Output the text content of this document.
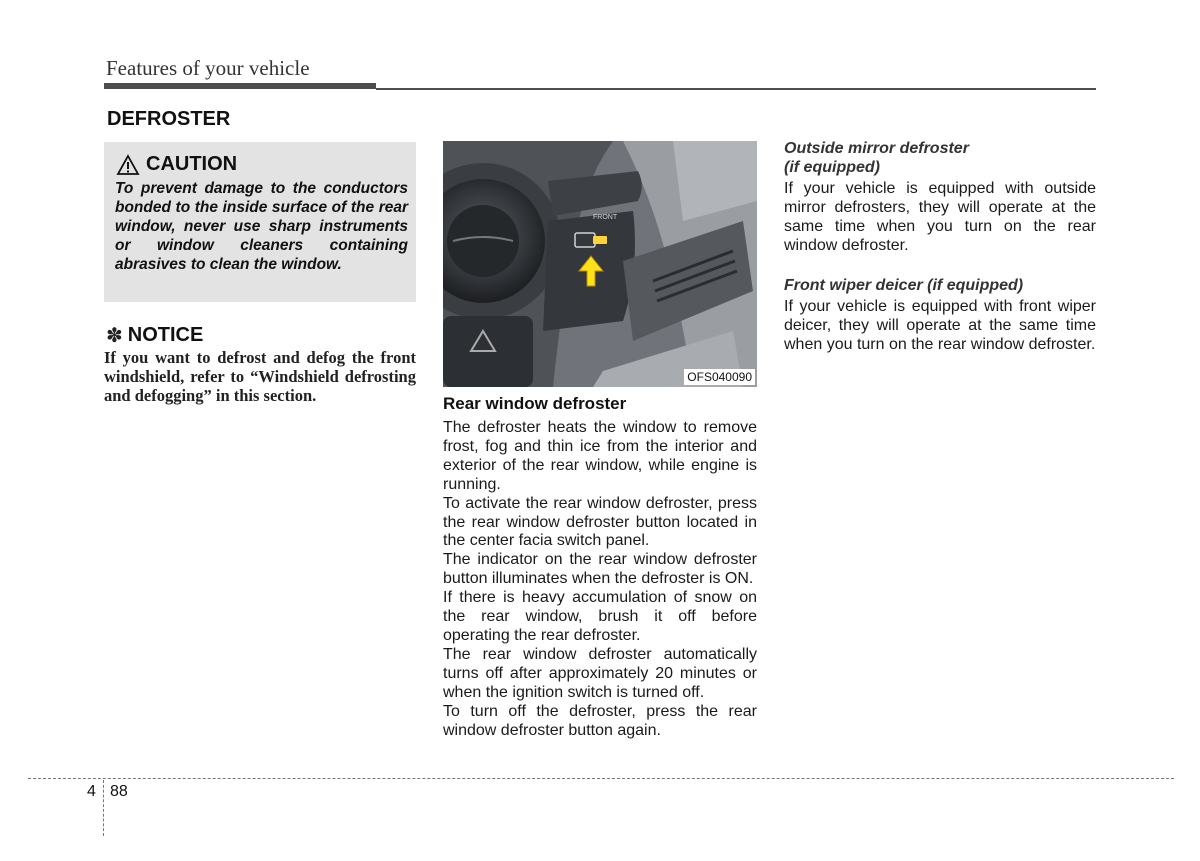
Features of your vehicle
DEFROSTER
CAUTION
To prevent damage to the conductors bonded to the inside surface of the rear window, never use sharp instruments or window cleaners containing abrasives to clean the window.
✽ NOTICE
If you want to defrost and defog the front windshield, refer to “Windshield defrosting and defogging” in this section.
FRONT
OFS040090
Rear window defroster

The defroster heats the window to remove frost, fog and thin ice from the interior and exterior of the rear window, while engine is running.

To activate the rear window defroster, press the rear window defroster button located in the center facia switch panel.

The indicator on the rear window defroster button illuminates when the defroster is ON.

If there is heavy accumulation of snow on the rear window, brush it off before operating the rear defroster.

The rear window defroster automatically turns off after approximately 20 minutes or when the ignition switch is turned off.

To turn off the defroster, press the rear window defroster button again.

Outside mirror defroster
(if equipped)

If your vehicle is equipped with outside mirror defrosters, they will operate at the same time when you turn on the rear window defroster.

Front wiper deicer (if equipped)

If your vehicle is equipped with front wiper deicer, they will operate at the same time when you turn on the rear window defroster.

4 88
